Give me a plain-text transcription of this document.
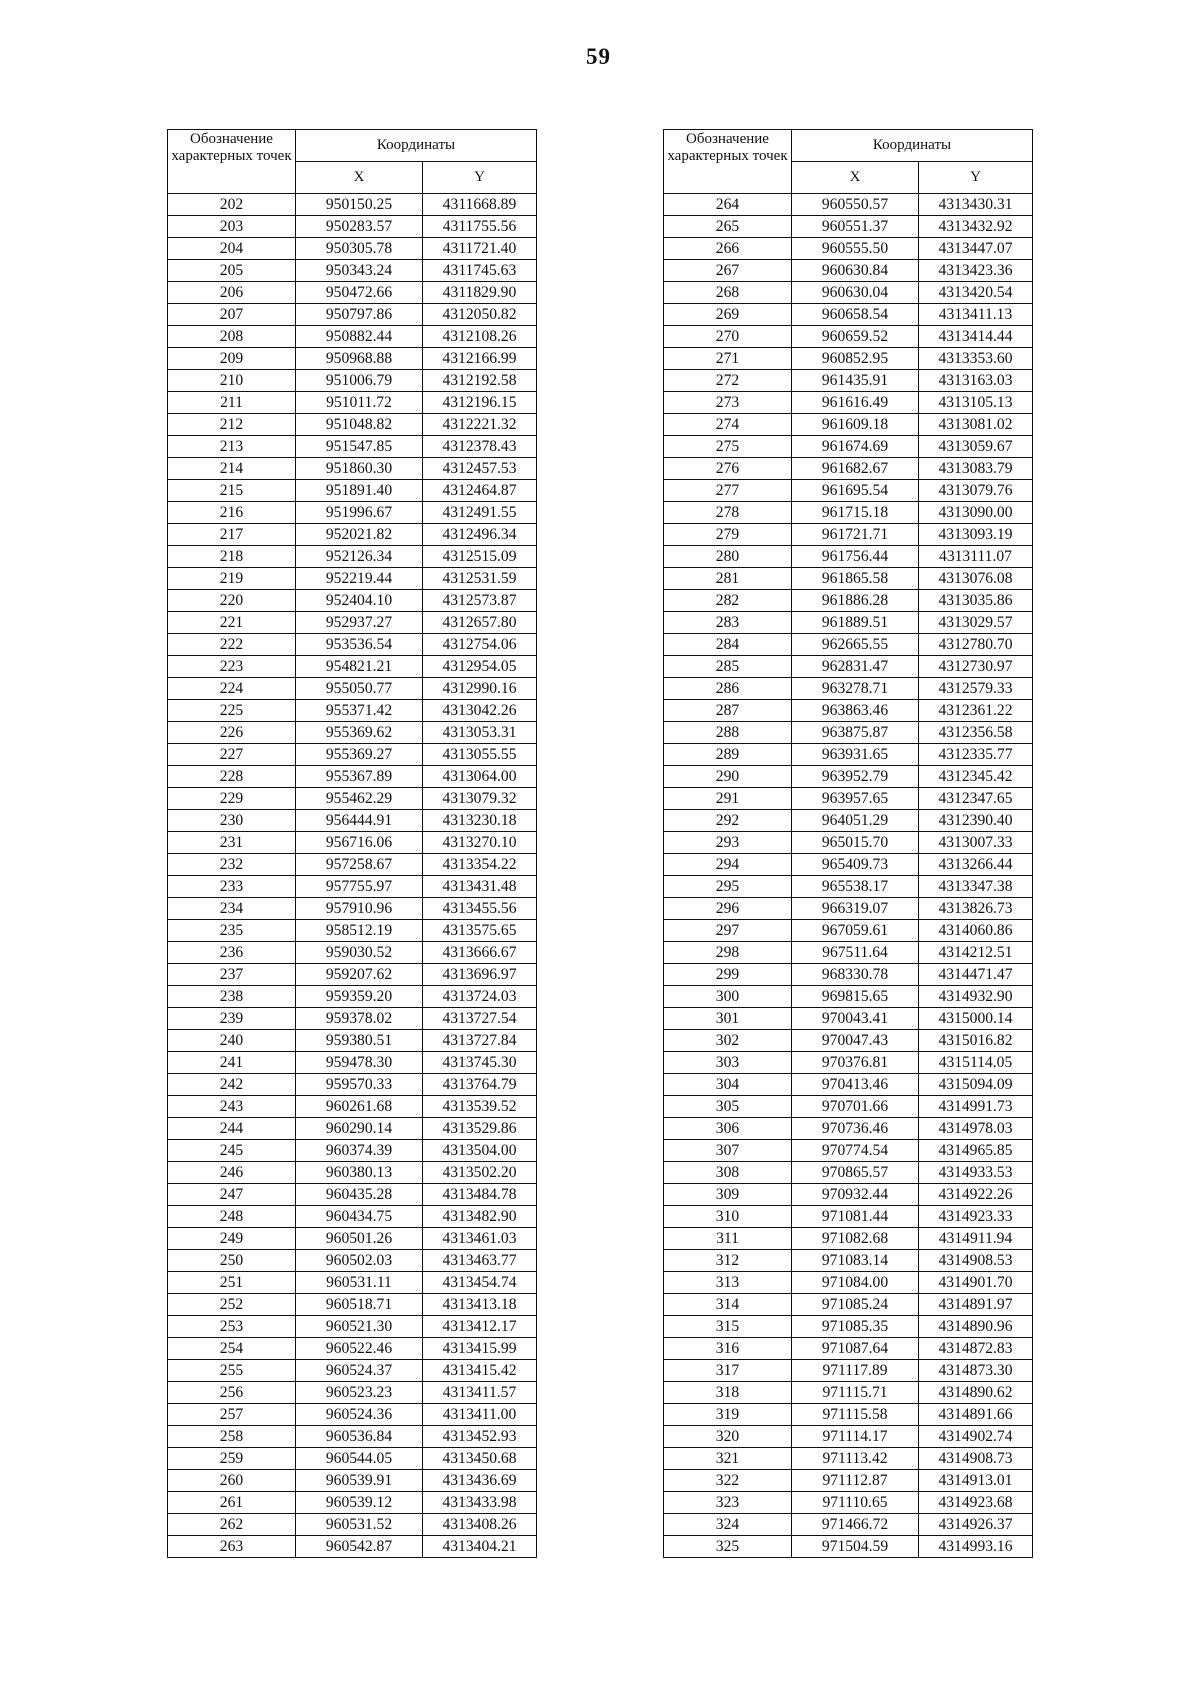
59
Обозначение характерных точек	Координаты	
	X	Y
202	950150.25	4311668.89
203	950283.57	4311755.56
204	950305.78	4311721.40
205	950343.24	4311745.63
206	950472.66	4311829.90
207	950797.86	4312050.82
208	950882.44	4312108.26
209	950968.88	4312166.99
210	951006.79	4312192.58
211	951011.72	4312196.15
212	951048.82	4312221.32
213	951547.85	4312378.43
214	951860.30	4312457.53
215	951891.40	4312464.87
216	951996.67	4312491.55
217	952021.82	4312496.34
218	952126.34	4312515.09
219	952219.44	4312531.59
220	952404.10	4312573.87
221	952937.27	4312657.80
222	953536.54	4312754.06
223	954821.21	4312954.05
224	955050.77	4312990.16
225	955371.42	4313042.26
226	955369.62	4313053.31
227	955369.27	4313055.55
228	955367.89	4313064.00
229	955462.29	4313079.32
230	956444.91	4313230.18
231	956716.06	4313270.10
232	957258.67	4313354.22
233	957755.97	4313431.48
234	957910.96	4313455.56
235	958512.19	4313575.65
236	959030.52	4313666.67
237	959207.62	4313696.97
238	959359.20	4313724.03
239	959378.02	4313727.54
240	959380.51	4313727.84
241	959478.30	4313745.30
242	959570.33	4313764.79
243	960261.68	4313539.52
244	960290.14	4313529.86
245	960374.39	4313504.00
246	960380.13	4313502.20
247	960435.28	4313484.78
248	960434.75	4313482.90
249	960501.26	4313461.03
250	960502.03	4313463.77
251	960531.11	4313454.74
252	960518.71	4313413.18
253	960521.30	4313412.17
254	960522.46	4313415.99
255	960524.37	4313415.42
256	960523.23	4313411.57
257	960524.36	4313411.00
258	960536.84	4313452.93
259	960544.05	4313450.68
260	960539.91	4313436.69
261	960539.12	4313433.98
262	960531.52	4313408.26
263	960542.87	4313404.21
Обозначение характерных точек	Координаты	
	X	Y
264	960550.57	4313430.31
265	960551.37	4313432.92
266	960555.50	4313447.07
267	960630.84	4313423.36
268	960630.04	4313420.54
269	960658.54	4313411.13
270	960659.52	4313414.44
271	960852.95	4313353.60
272	961435.91	4313163.03
273	961616.49	4313105.13
274	961609.18	4313081.02
275	961674.69	4313059.67
276	961682.67	4313083.79
277	961695.54	4313079.76
278	961715.18	4313090.00
279	961721.71	4313093.19
280	961756.44	4313111.07
281	961865.58	4313076.08
282	961886.28	4313035.86
283	961889.51	4313029.57
284	962665.55	4312780.70
285	962831.47	4312730.97
286	963278.71	4312579.33
287	963863.46	4312361.22
288	963875.87	4312356.58
289	963931.65	4312335.77
290	963952.79	4312345.42
291	963957.65	4312347.65
292	964051.29	4312390.40
293	965015.70	4313007.33
294	965409.73	4313266.44
295	965538.17	4313347.38
296	966319.07	4313826.73
297	967059.61	4314060.86
298	967511.64	4314212.51
299	968330.78	4314471.47
300	969815.65	4314932.90
301	970043.41	4315000.14
302	970047.43	4315016.82
303	970376.81	4315114.05
304	970413.46	4315094.09
305	970701.66	4314991.73
306	970736.46	4314978.03
307	970774.54	4314965.85
308	970865.57	4314933.53
309	970932.44	4314922.26
310	971081.44	4314923.33
311	971082.68	4314911.94
312	971083.14	4314908.53
313	971084.00	4314901.70
314	971085.24	4314891.97
315	971085.35	4314890.96
316	971087.64	4314872.83
317	971117.89	4314873.30
318	971115.71	4314890.62
319	971115.58	4314891.66
320	971114.17	4314902.74
321	971113.42	4314908.73
322	971112.87	4314913.01
323	971110.65	4314923.68
324	971466.72	4314926.37
325	971504.59	4314993.16
